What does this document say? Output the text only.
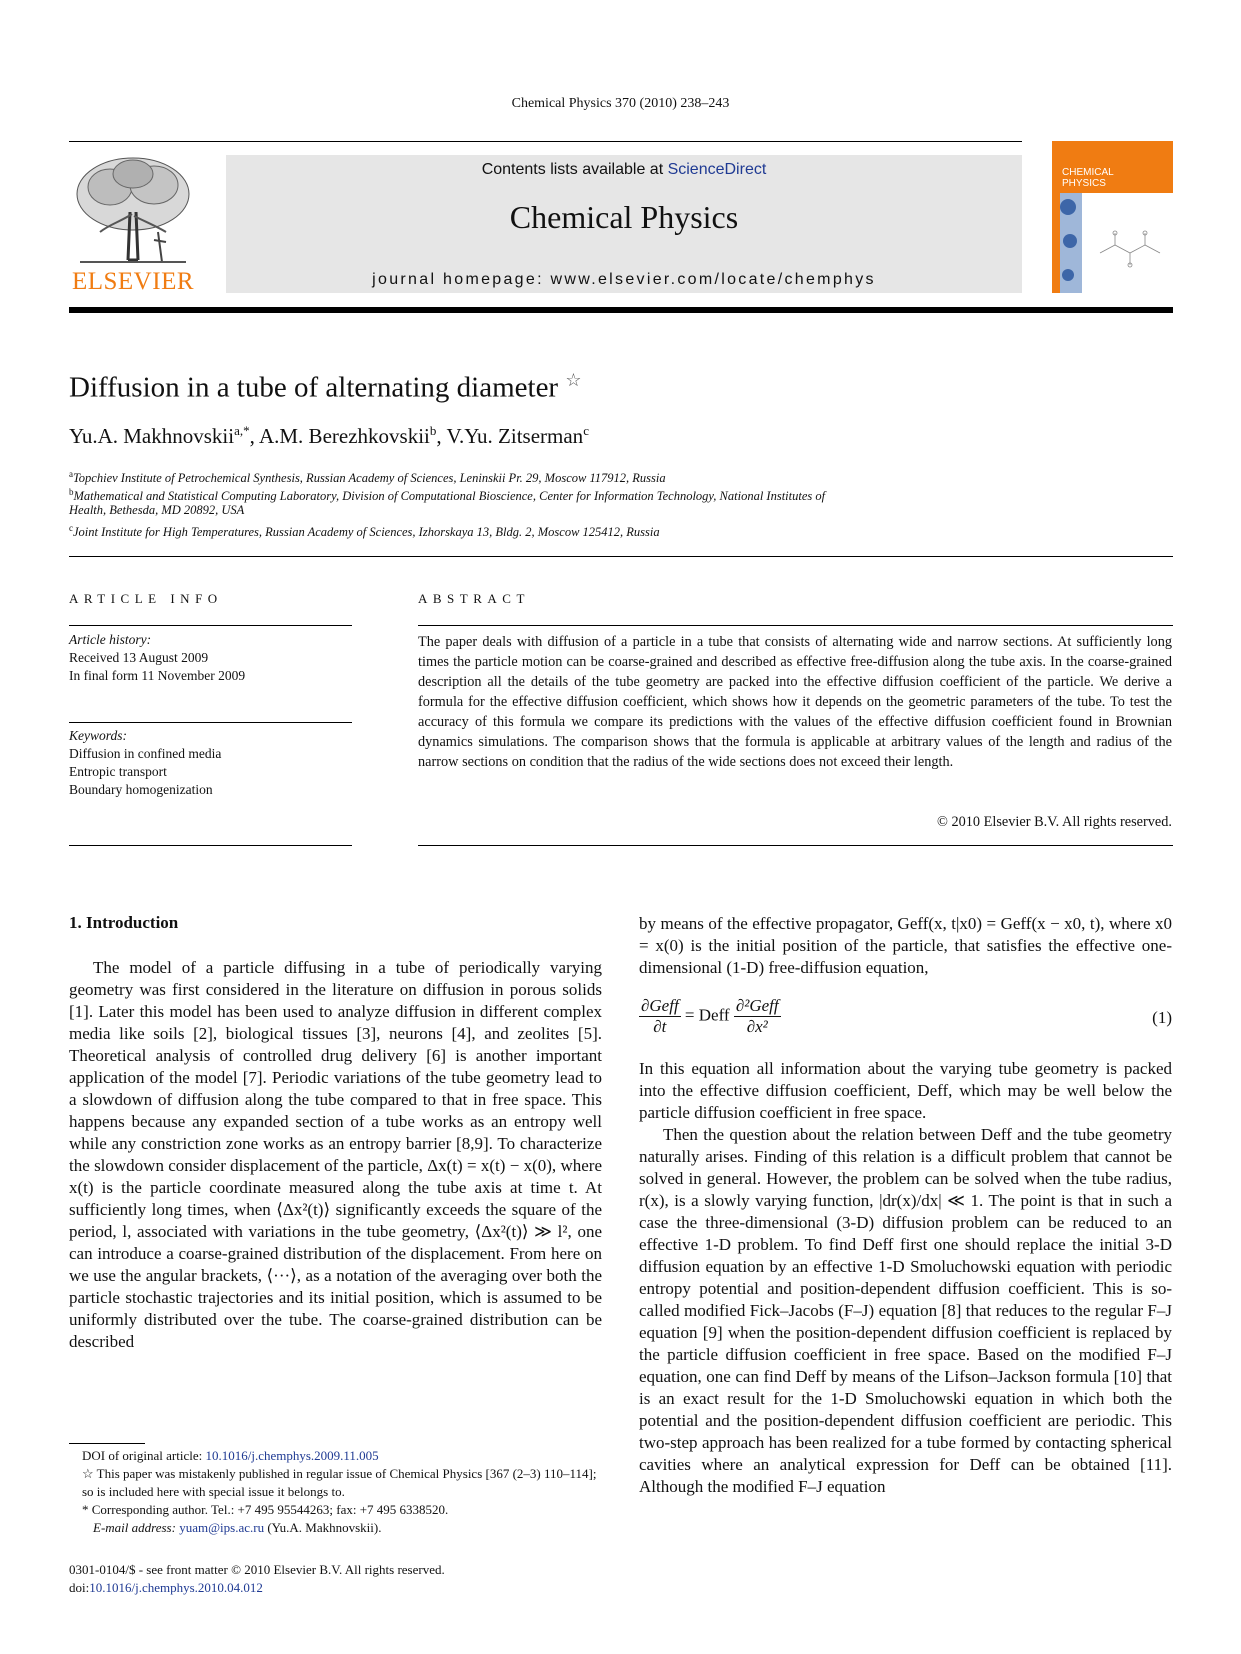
Chemical Physics 370 (2010) 238–243
ELSEVIER
Contents lists available at ScienceDirect
Chemical Physics
journal homepage: www.elsevier.com/locate/chemphys
CHEMICAL
PHYSICS
Diffusion in a tube of alternating diameter ☆
Yu.A. Makhnovskii$^{a,*}$, A.M. Berezhkovskii$^b$, V.Yu. Zitserman$^c$
$^a$Topchiev Institute of Petrochemical Synthesis, Russian Academy of Sciences, Leninskii Pr. 29, Moscow 117912, Russia
$^b$Mathematical and Statistical Computing Laboratory, Division of Computational Bioscience, Center for Information Technology, National Institutes of
Health, Bethesda, MD 20892, USA
$^c$Joint Institute for High Temperatures, Russian Academy of Sciences, Izhorskaya 13, Bldg. 2, Moscow 125412, Russia
ARTICLE INFO
Article history:
Received 13 August 2009
In final form 11 November 2009
Keywords:
Diffusion in confined media
Entropic transport
Boundary homogenization
ABSTRACT
The paper deals with diffusion of a particle in a tube that consists of alternating wide and narrow sections. At sufficiently long times the particle motion can be coarse-grained and described as effective free-diffusion along the tube axis. In the coarse-grained description all the details of the tube geometry are packed into the effective diffusion coefficient of the particle. We derive a formula for the effective diffusion coefficient, which shows how it depends on the geometric parameters of the tube. To test the accuracy of this formula we compare its predictions with the values of the effective diffusion coefficient found in Brownian dynamics simulations. The comparison shows that the formula is applicable at arbitrary values of the length and radius of the narrow sections on condition that the radius of the wide sections does not exceed their length.
© 2010 Elsevier B.V. All rights reserved.
1. Introduction

The model of a particle diffusing in a tube of periodically varying geometry was first considered in the literature on diffusion in porous solids [1]. Later this model has been used to analyze diffusion in different complex media like soils [2], biological tissues [3], neurons [4], and zeolites [5]. Theoretical analysis of controlled drug delivery [6] is another important application of the model [7]. Periodic variations of the tube geometry lead to a slowdown of diffusion along the tube compared to that in free space. This happens because any expanded section of a tube works as an entropy well while any constriction zone works as an entropy barrier [8,9]. To characterize the slowdown consider displacement of the particle, Δx(t) = x(t) − x(0), where x(t) is the particle coordinate measured along the tube axis at time t. At sufficiently long times, when ⟨Δx²(t)⟩ significantly exceeds the square of the period, l, associated with variations in the tube geometry, ⟨Δx²(t)⟩ ≫ l², one can introduce a coarse-grained distribution of the displacement. From here on we use the angular brackets, ⟨···⟩, as a notation of the averaging over both the particle stochastic trajectories and its initial position, which is assumed to be uniformly distributed over the tube. The coarse-grained distribution can be described

by means of the effective propagator, Geff(x, t|x0) = Geff(x − x0, t), where x0 = x(0) is the initial position of the particle, that satisfies the effective one-dimensional (1-D) free-diffusion equation,

$\frac{\text{∂Geff}}{\partial t}$ = Deff $\frac{\text{∂²Geff}}{\text{∂x²}}$	(1)

In this equation all information about the varying tube geometry is packed into the effective diffusion coefficient, Deff, which may be well below the particle diffusion coefficient in free space.

Then the question about the relation between Deff and the tube geometry naturally arises. Finding of this relation is a difficult problem that cannot be solved in general. However, the problem can be solved when the tube radius, r(x), is a slowly varying function, |dr(x)/dx| ≪ 1. The point is that in such a case the three-dimensional (3-D) diffusion problem can be reduced to an effective 1-D problem. To find Deff first one should replace the initial 3-D diffusion equation by an effective 1-D Smoluchowski equation with periodic entropy potential and position-dependent diffusion coefficient. This is so-called modified Fick–Jacobs (F–J) equation [8] that reduces to the regular F–J equation [9] when the position-dependent diffusion coefficient is replaced by the particle diffusion coefficient in free space. Based on the modified F–J equation, one can find Deff by means of the Lifson–Jackson formula [10] that is an exact result for the 1-D Smoluchowski equation in which both the potential and the position-dependent diffusion coefficient are periodic. This two-step approach has been realized for a tube formed by contacting spherical cavities where an analytical expression for Deff can be obtained [11]. Although the modified F–J equation

DOI of original article: 10.1016/j.chemphys.2009.11.005
☆ This paper was mistakenly published in regular issue of Chemical Physics [367 (2–3) 110–114]; so is included here with special issue it belongs to.
* Corresponding author. Tel.: +7 495 95544263; fax: +7 495 6338520.
E-mail address: yuam@ips.ac.ru (Yu.A. Makhnovskii).
0301-0104/$ - see front matter © 2010 Elsevier B.V. All rights reserved.
doi:10.1016/j.chemphys.2010.04.012
